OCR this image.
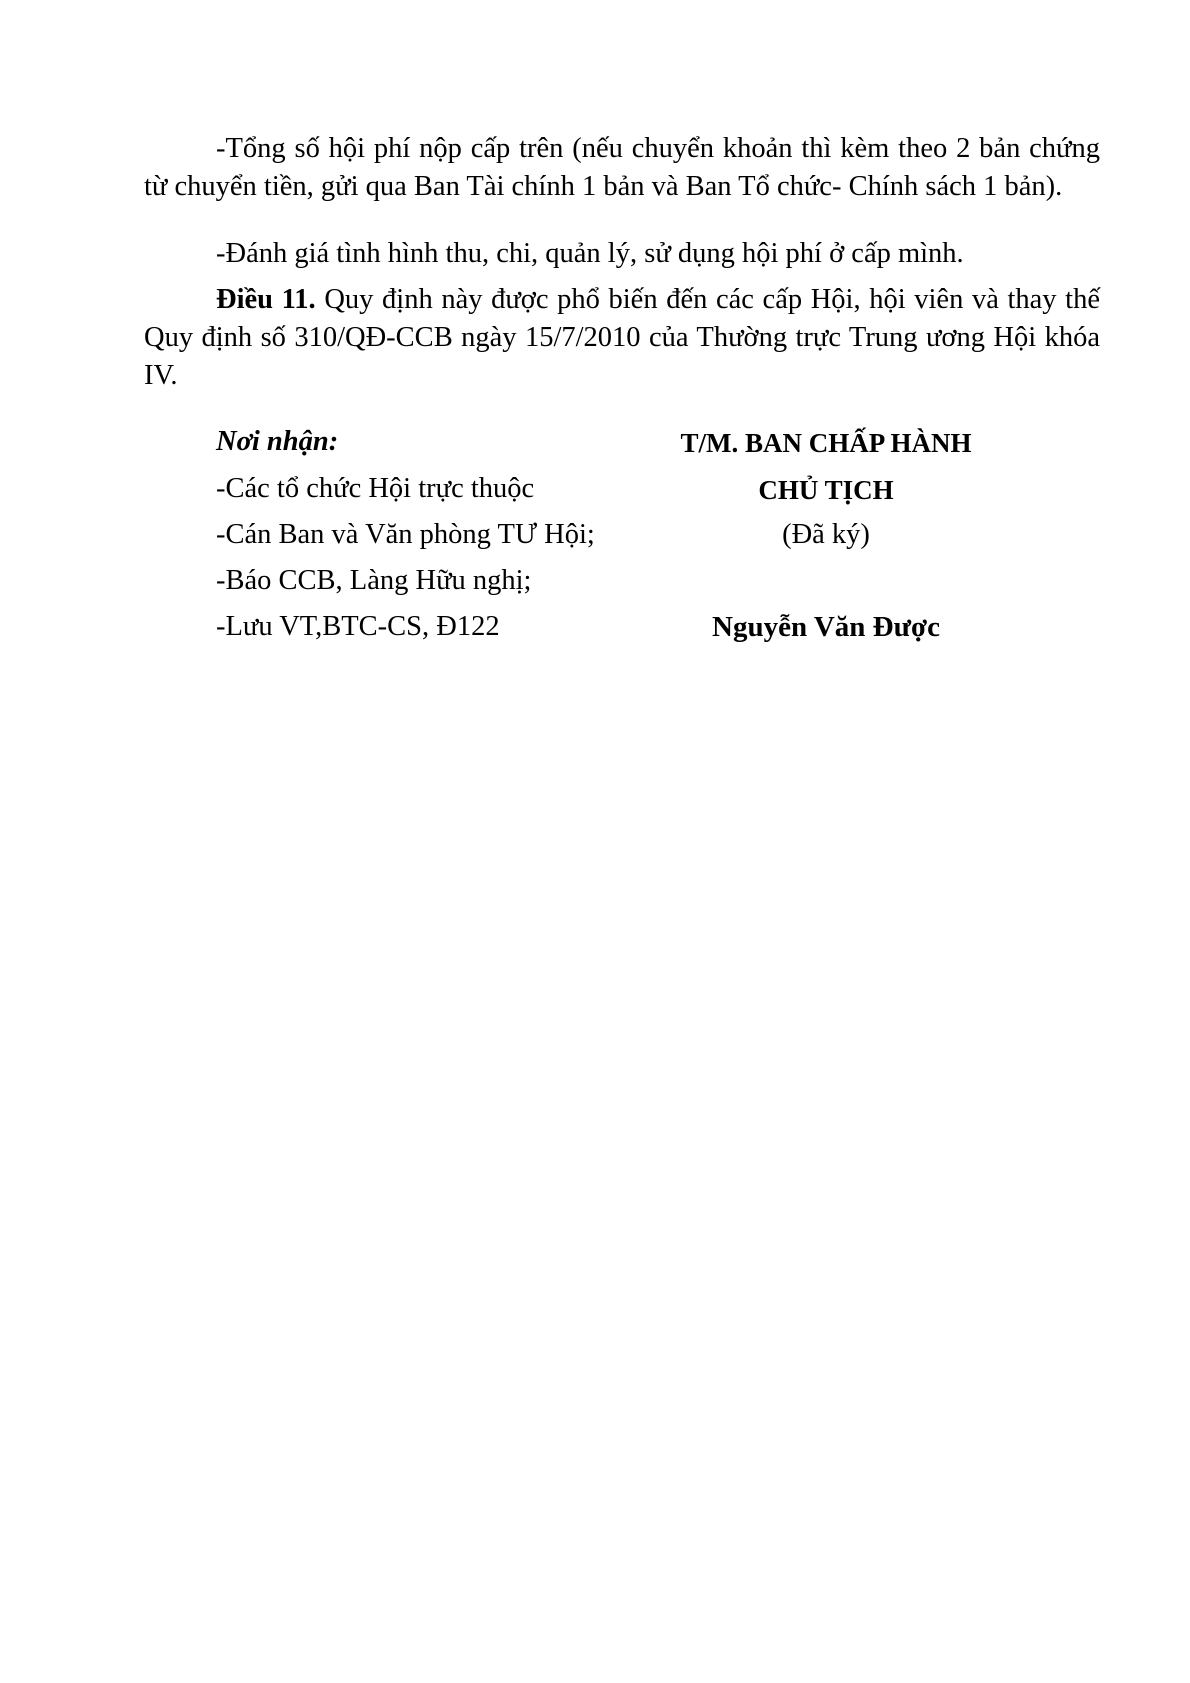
-Tổng số hội phí nộp cấp trên (nếu chuyển khoản thì kèm theo 2 bản chứng từ chuyển tiền, gửi qua Ban Tài chính 1 bản và Ban Tổ chức- Chính sách 1 bản).

-Đánh giá tình hình thu, chi, quản lý, sử dụng hội phí ở cấp mình.

Điều 11. Quy định này được phổ biến đến các cấp Hội, hội viên và thay thế Quy định số 310/QĐ-CCB ngày 15/7/2010 của Thường trực Trung ương Hội khóa IV.

Nơi nhận:

-Các tổ chức Hội trực thuộc

-Cán Ban và Văn phòng TƯ Hội;

-Báo CCB, Làng Hữu nghị;

-Lưu VT,BTC-CS, Đ122

T/M. BAN CHẤP HÀNH

CHỦ TỊCH

(Đã ký)

Nguyễn Văn Được
